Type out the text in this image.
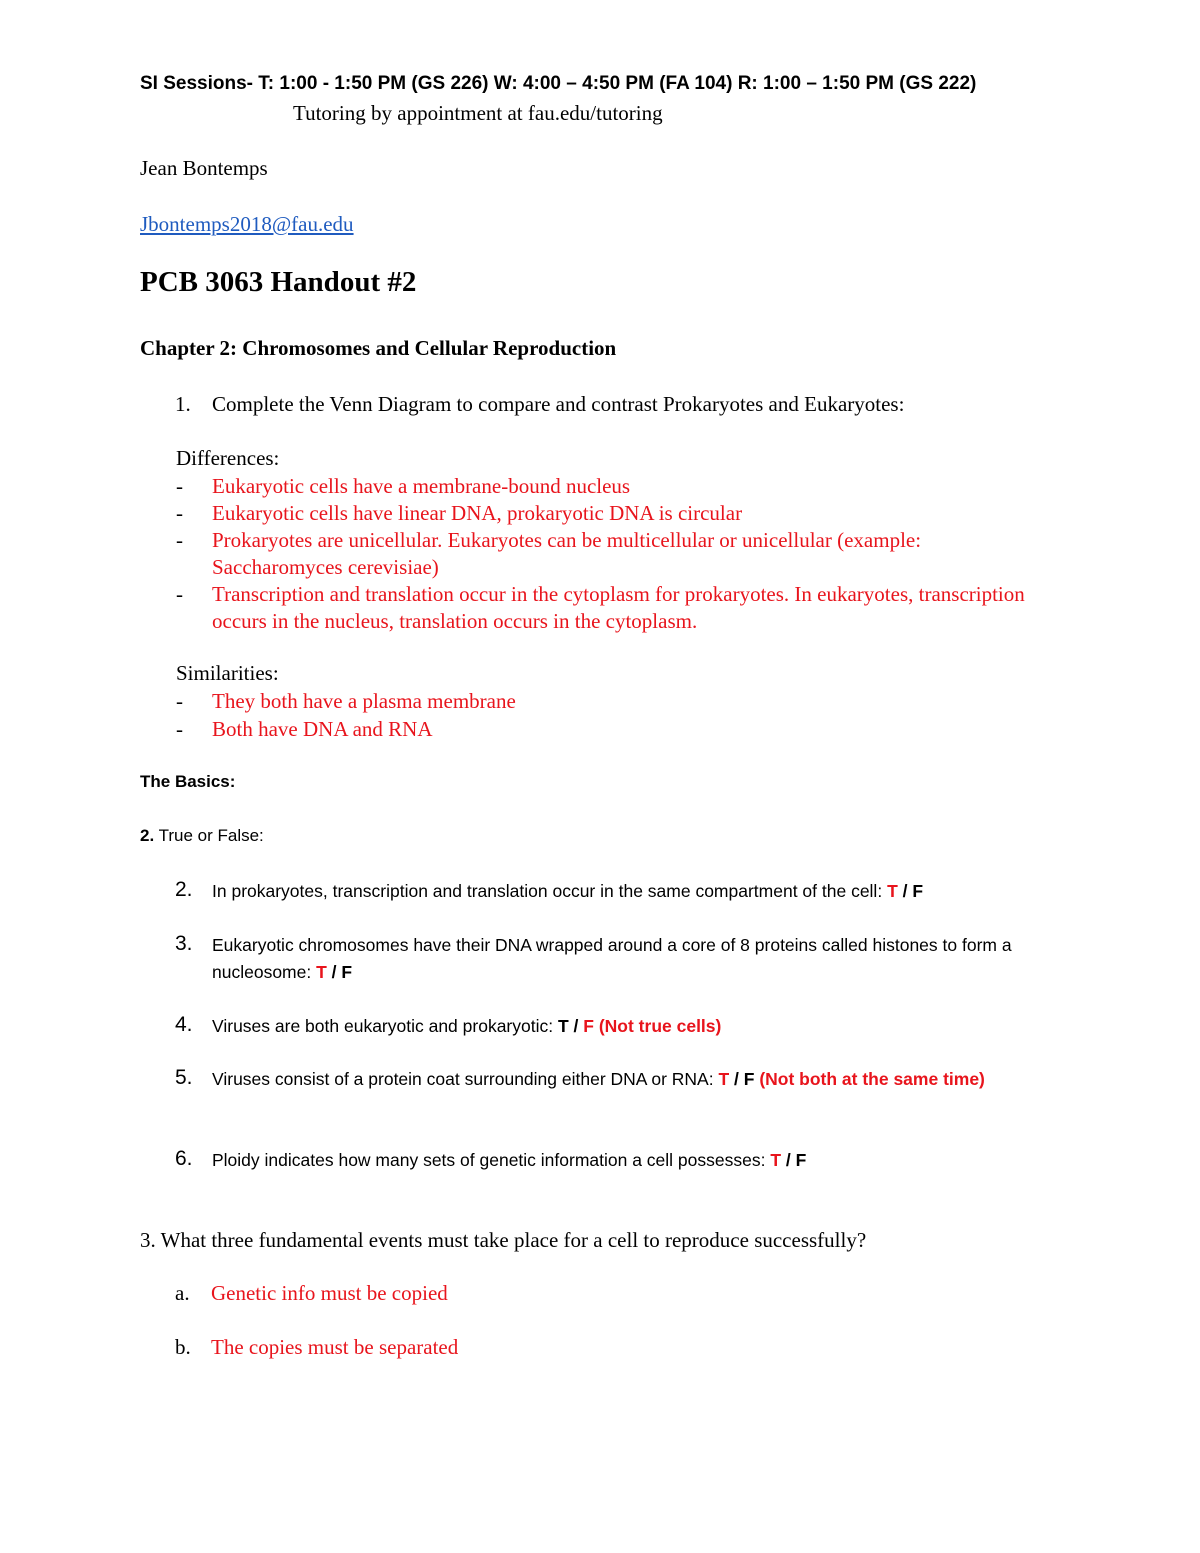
SI Sessions- T: 1:00 - 1:50 PM (GS 226) W: 4:00 – 4:50 PM (FA 104) R: 1:00 – 1:50 PM (GS 222)
Tutoring by appointment at fau.edu/tutoring
Jean Bontemps
Jbontemps2018@fau.edu
PCB 3063 Handout #2
Chapter 2: Chromosomes and Cellular Reproduction
1. Complete the Venn Diagram to compare and contrast Prokaryotes and Eukaryotes:
Differences:
- Eukaryotic cells have a membrane-bound nucleus
- Eukaryotic cells have linear DNA, prokaryotic DNA is circular
- Prokaryotes are unicellular. Eukaryotes can be multicellular or unicellular (example: Saccharomyces cerevisiae)
- Transcription and translation occur in the cytoplasm for prokaryotes. In eukaryotes, transcription occurs in the nucleus, translation occurs in the cytoplasm.
Similarities:
- They both have a plasma membrane
- Both have DNA and RNA
The Basics:
2. True or False:
2. In prokaryotes, transcription and translation occur in the same compartment of the cell: T / F
3. Eukaryotic chromosomes have their DNA wrapped around a core of 8 proteins called histones to form a nucleosome: T / F
4. Viruses are both eukaryotic and prokaryotic: T / F (Not true cells)
5. Viruses consist of a protein coat surrounding either DNA or RNA: T / F (Not both at the same time)
6. Ploidy indicates how many sets of genetic information a cell possesses: T / F
3. What three fundamental events must take place for a cell to reproduce successfully?
a. Genetic info must be copied
b. The copies must be separated
